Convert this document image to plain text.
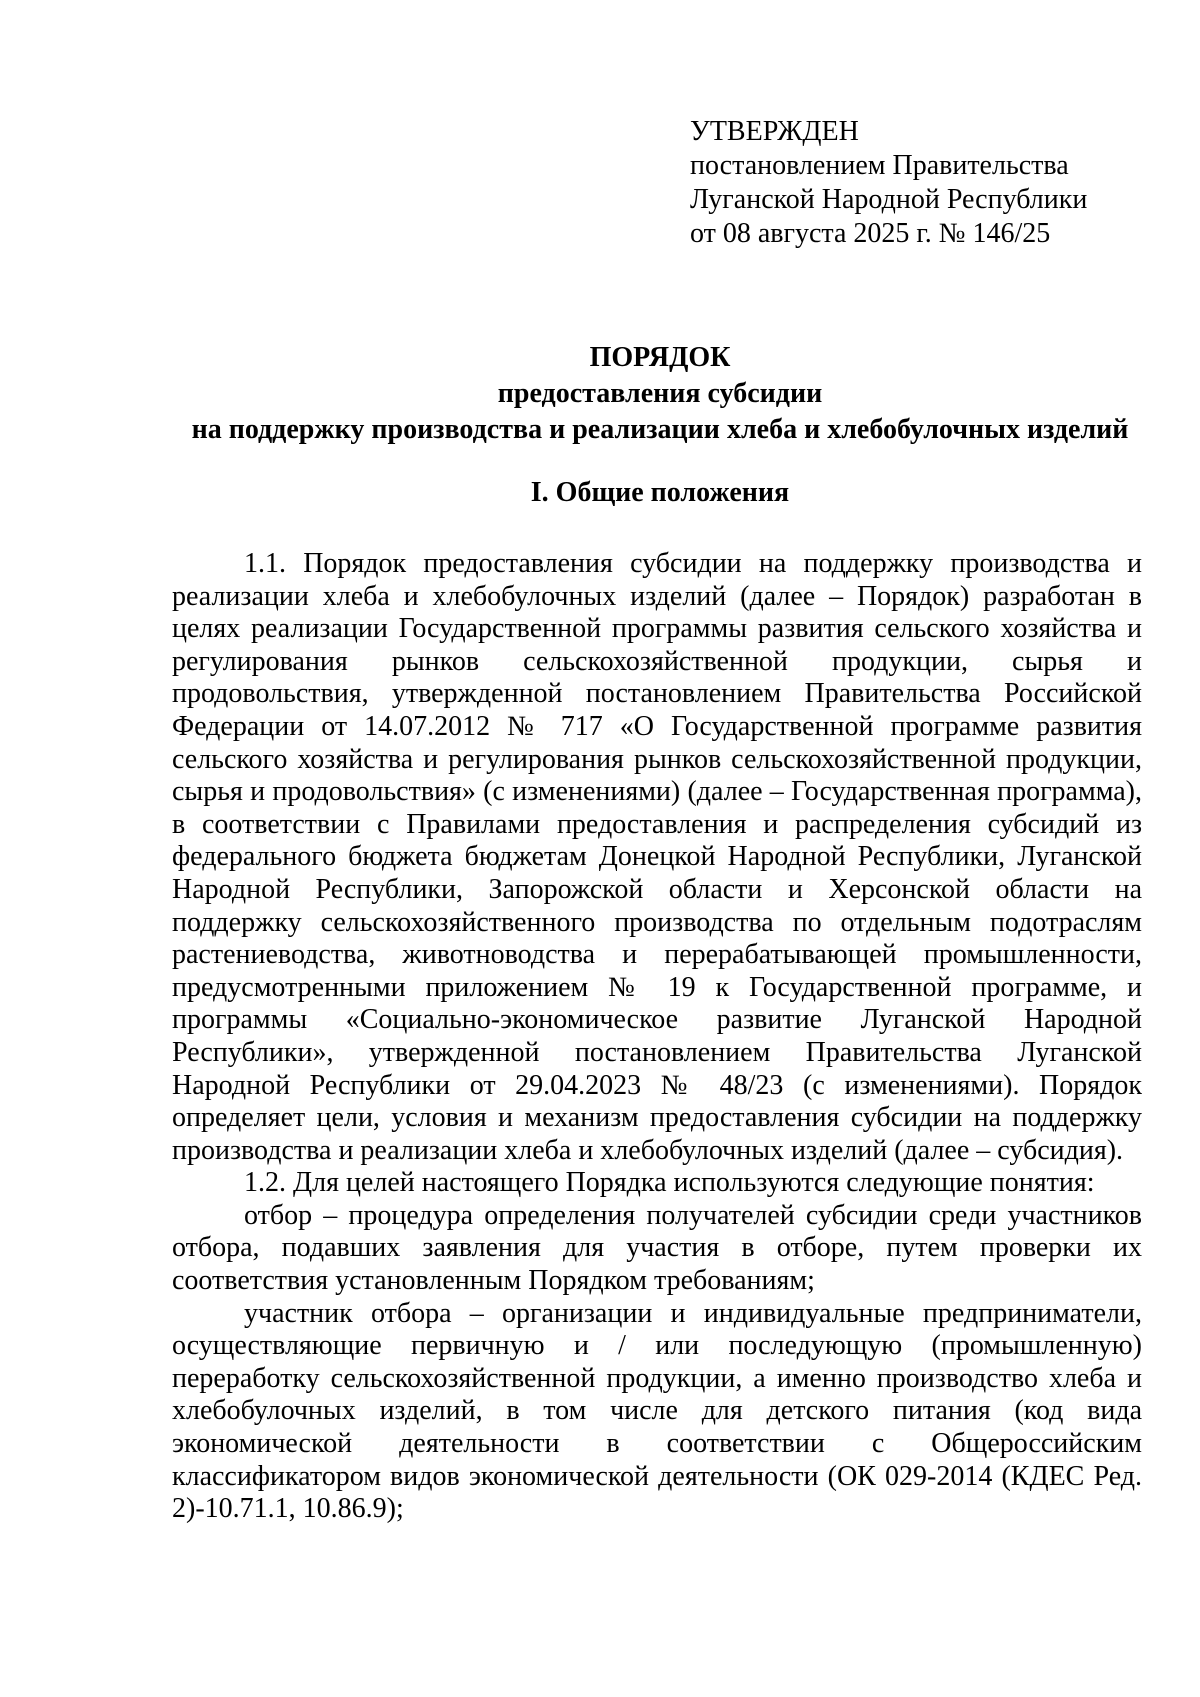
УТВЕРЖДЕН
постановлением Правительства
Луганской Народной Республики
от 08 августа 2025 г. № 146/25
ПОРЯДОК
предоставления субсидии
на поддержку производства и реализации хлеба и хлебобулочных изделий
I. Общие положения

1.1. Порядок предоставления субсидии на поддержку производства и реализации хлеба и хлебобулочных изделий (далее – Порядок) разработан в целях реализации Государственной программы развития сельского хозяйства и регулирования рынков сельскохозяйственной продукции, сырья и продовольствия, утвержденной постановлением Правительства Российской Федерации от 14.07.2012 № 717 «О Государственной программе развития сельского хозяйства и регулирования рынков сельскохозяйственной продукции, сырья и продовольствия» (с изменениями) (далее – Государственная программа), в соответствии с Правилами предоставления и распределения субсидий из федерального бюджета бюджетам Донецкой Народной Республики, Луганской Народной Республики, Запорожской области и Херсонской области на поддержку сельскохозяйственного производства по отдельным подотраслям растениеводства, животноводства и перерабатывающей промышленности, предусмотренными приложением № 19 к Государственной программе, и программы «Социально-экономическое развитие Луганской Народной Республики», утвержденной постановлением Правительства Луганской Народной Республики от 29.04.2023 № 48/23 (с изменениями). Порядок определяет цели, условия и механизм предоставления субсидии на поддержку производства и реализации хлеба и хлебобулочных изделий (далее – субсидия).

1.2. Для целей настоящего Порядка используются следующие понятия:

отбор – процедура определения получателей субсидии среди участников отбора, подавших заявления для участия в отборе, путем проверки их соответствия установленным Порядком требованиям;

участник отбора – организации и индивидуальные предприниматели, осуществляющие первичную и / или последующую (промышленную) переработку сельскохозяйственной продукции, а именно производство хлеба и хлебобулочных изделий, в том числе для детского питания (код вида экономической деятельности в соответствии с Общероссийским классификатором видов экономической деятельности (ОК 029-2014 (КДЕС Ред. 2)-10.71.1, 10.86.9);
